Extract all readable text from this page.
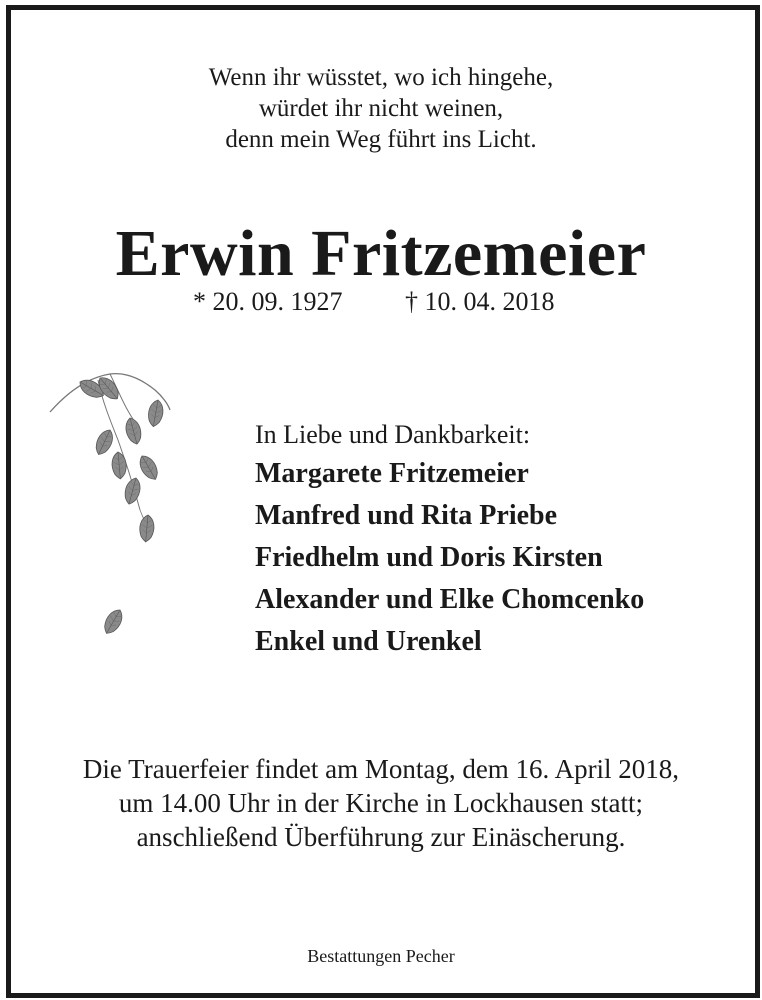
Wenn ihr wüsstet, wo ich hingehe,
würdet ihr nicht weinen,
denn mein Weg führt ins Licht.
Erwin Fritzemeier
* 20. 09. 1927 † 10. 04. 2018
In Liebe und Dankbarkeit:
Margarete Fritzemeier
Manfred und Rita Priebe
Friedhelm und Doris Kirsten
Alexander und Elke Chomcenko
Enkel und Urenkel
Die Trauerfeier findet am Montag, dem 16. April 2018,
um 14.00 Uhr in der Kirche in Lockhausen statt;
anschließend Überführung zur Einäscherung.
Bestattungen Pecher
